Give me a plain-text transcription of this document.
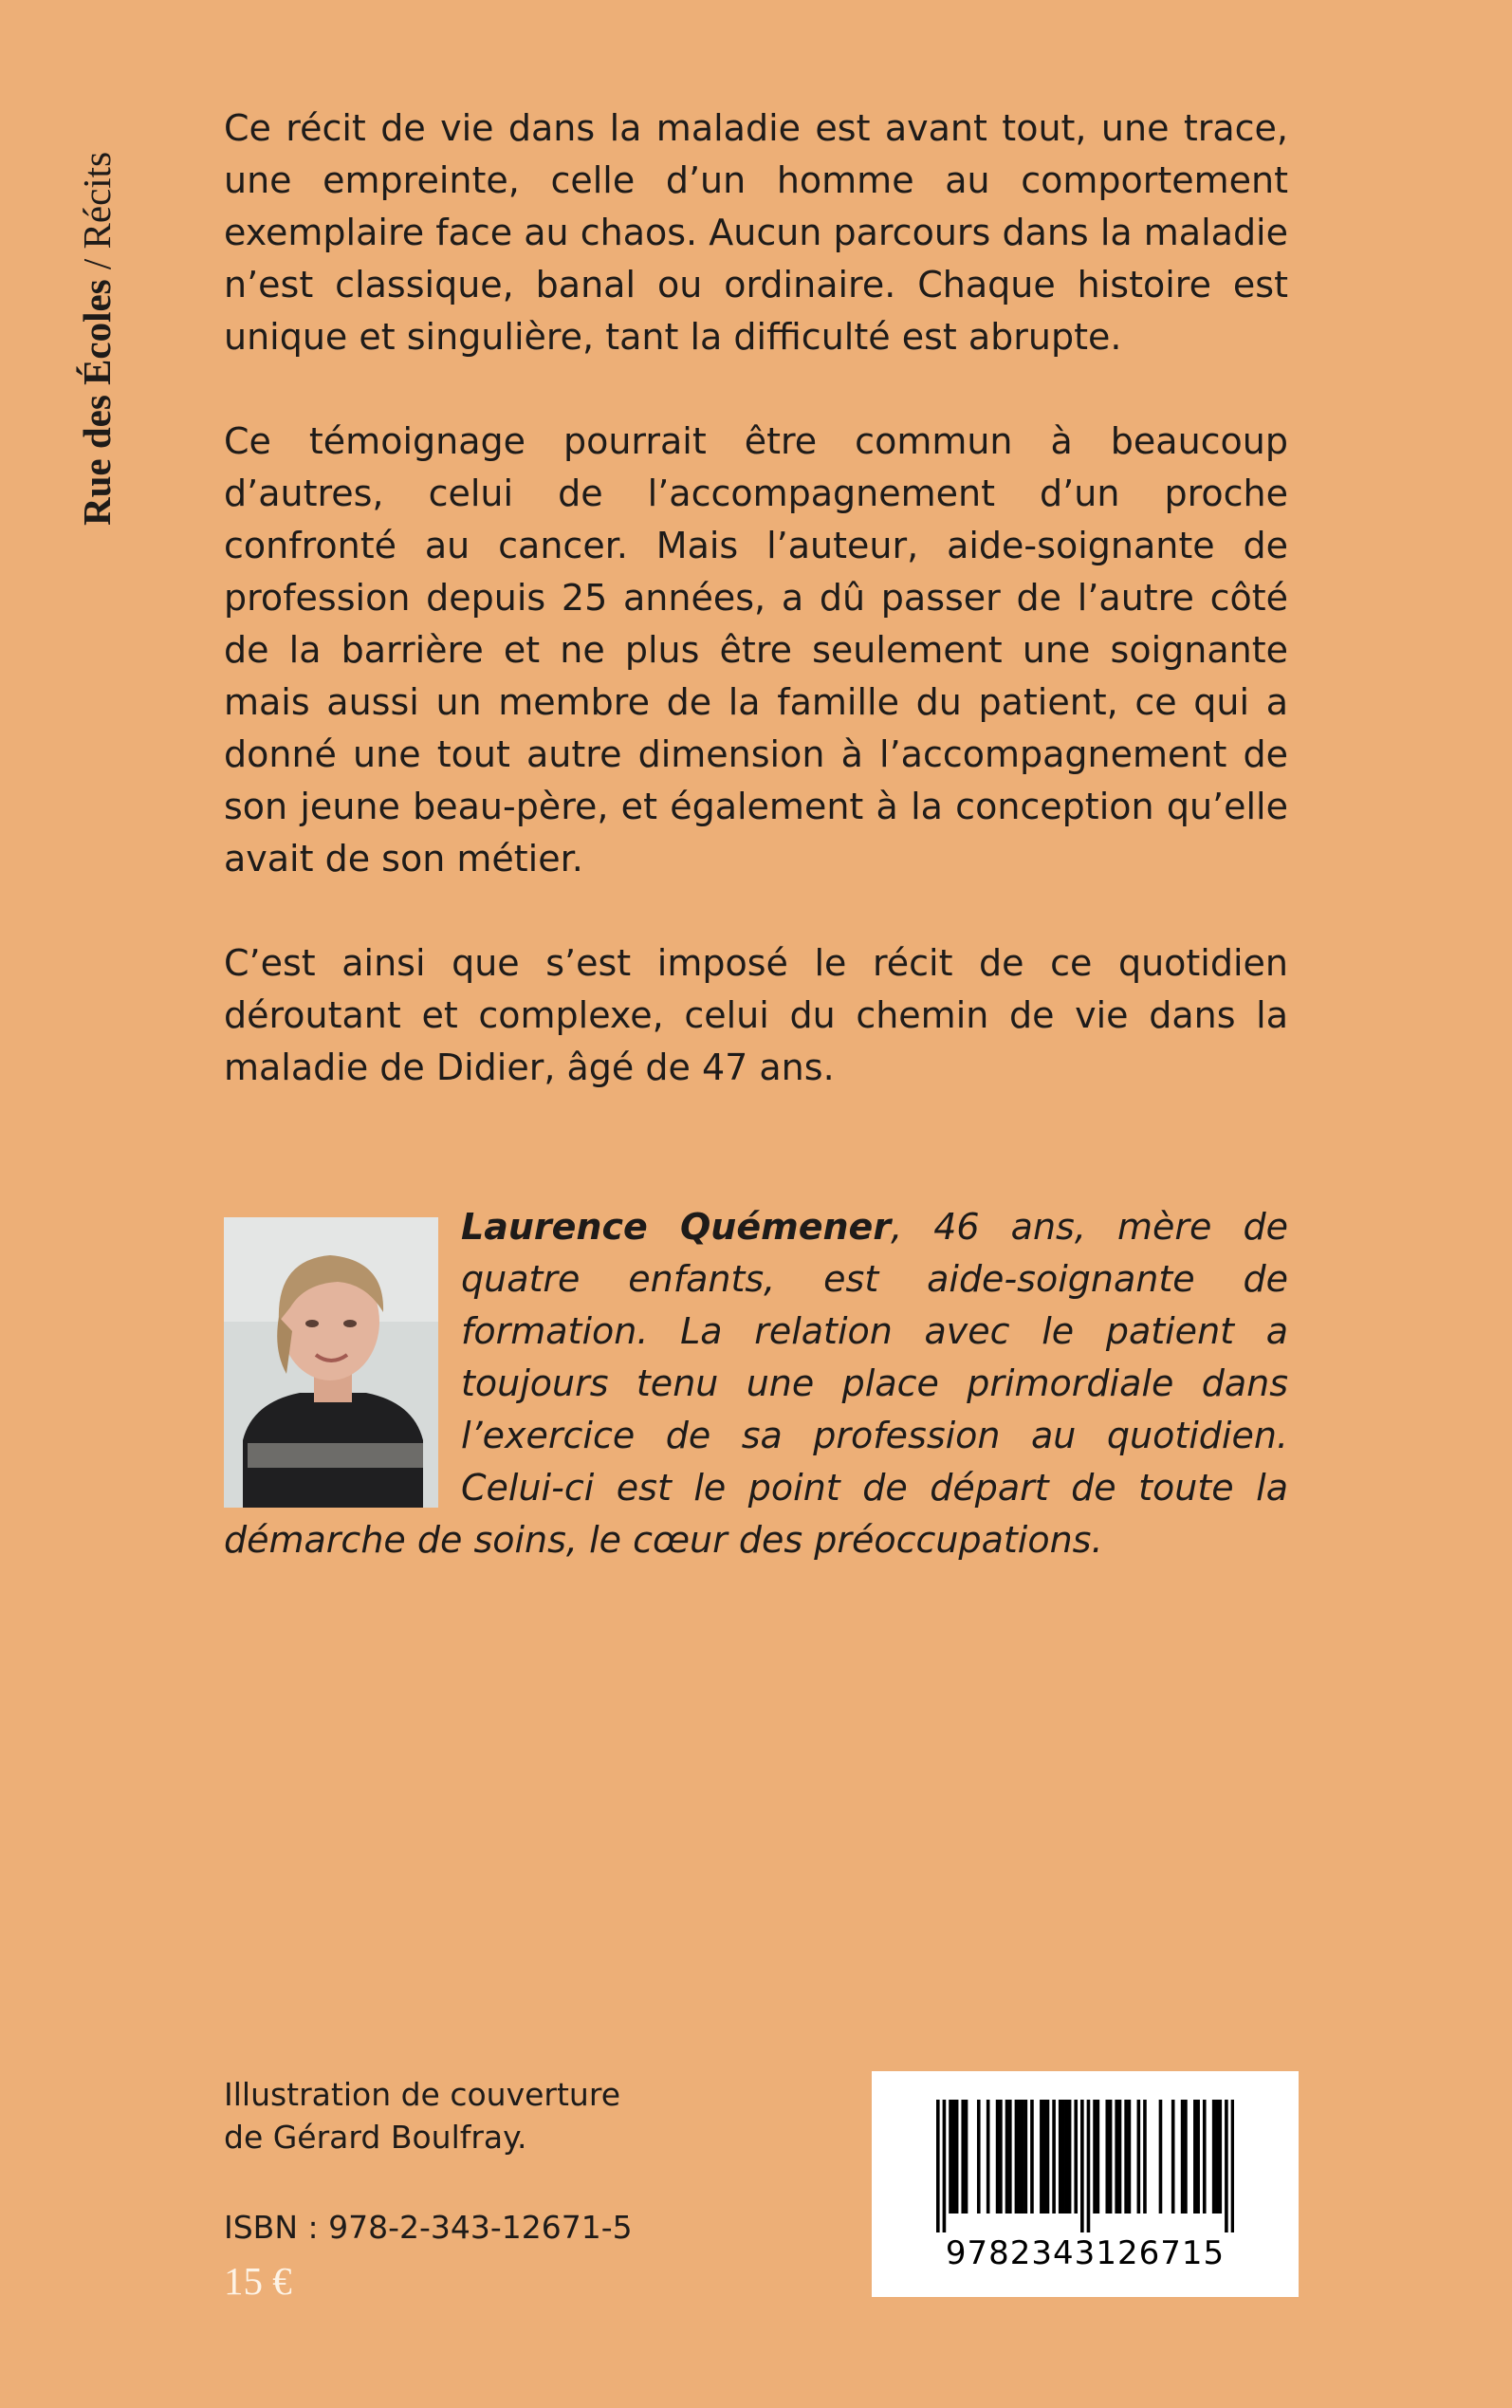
Rue des Écoles / Récits

Ce récit de vie dans la maladie est avant tout, une trace, une empreinte, celle d’un homme au comportement exemplaire face au chaos. Aucun parcours dans la maladie n’est classique, banal ou ordinaire. Chaque histoire est unique et singulière, tant la difficulté est abrupte.

Ce témoignage pourrait être commun à beaucoup d’autres, celui de l’accompagnement d’un proche confronté au cancer. Mais l’auteur, aide-soignante de profession depuis 25 années, a dû passer de l’autre côté de la barrière et ne plus être seulement une soignante mais aussi un membre de la famille du patient, ce qui a donné une tout autre dimension à l’accompagnement de son jeune beau-père, et également à la conception qu’elle avait de son métier.

C’est ainsi que s’est imposé le récit de ce quotidien déroutant et complexe, celui du chemin de vie dans la maladie de Didier, âgé de 47 ans.

Laurence Quémener, 46 ans, mère de quatre enfants, est aide-soignante de formation. La relation avec le patient a toujours tenu une place primordiale dans l’exercice de sa profession au quotidien. Celui-ci est le point de départ de toute la démarche de soins, le cœur des préoccupations.
Illustration de couverture
de Gérard Boulfray.
ISBN : 978-2-343-12671-5
15 €
9782343126715
